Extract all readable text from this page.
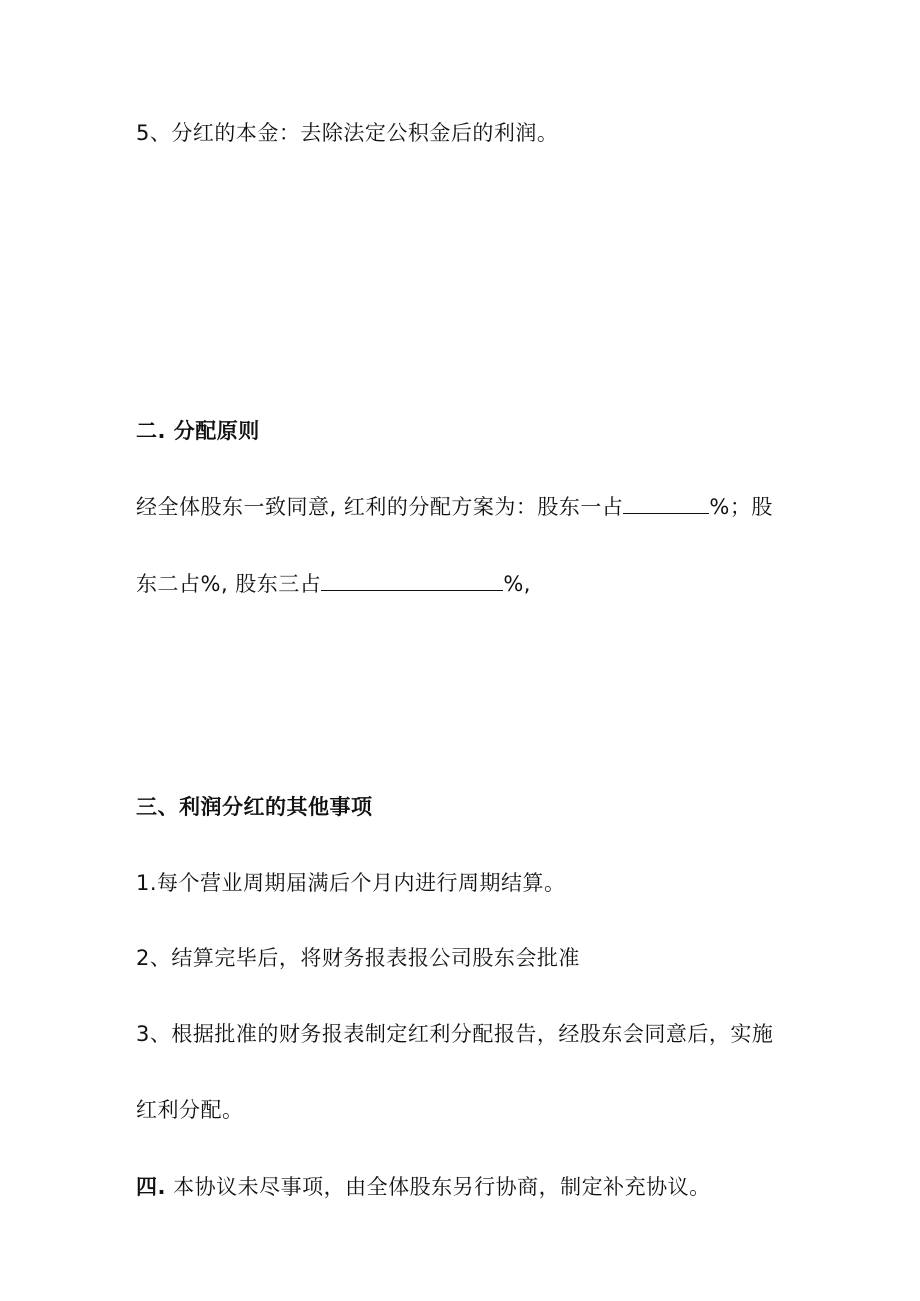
5、分红的本金：去除法定公积金后的利润。
二. 分配原则
经全体股东一致同意, 红利的分配方案为：股东一占	%；股
东二占%, 股东三占	%,
三、利润分红的其他事项
1.每个营业周期届满后个月内进行周期结算。
2、结算完毕后，将财务报表报公司股东会批准
3、根据批准的财务报表制定红利分配报告，经股东会同意后，实施
红利分配。
四. 本协议未尽事项，由全体股东另行协商，制定补充协议。
